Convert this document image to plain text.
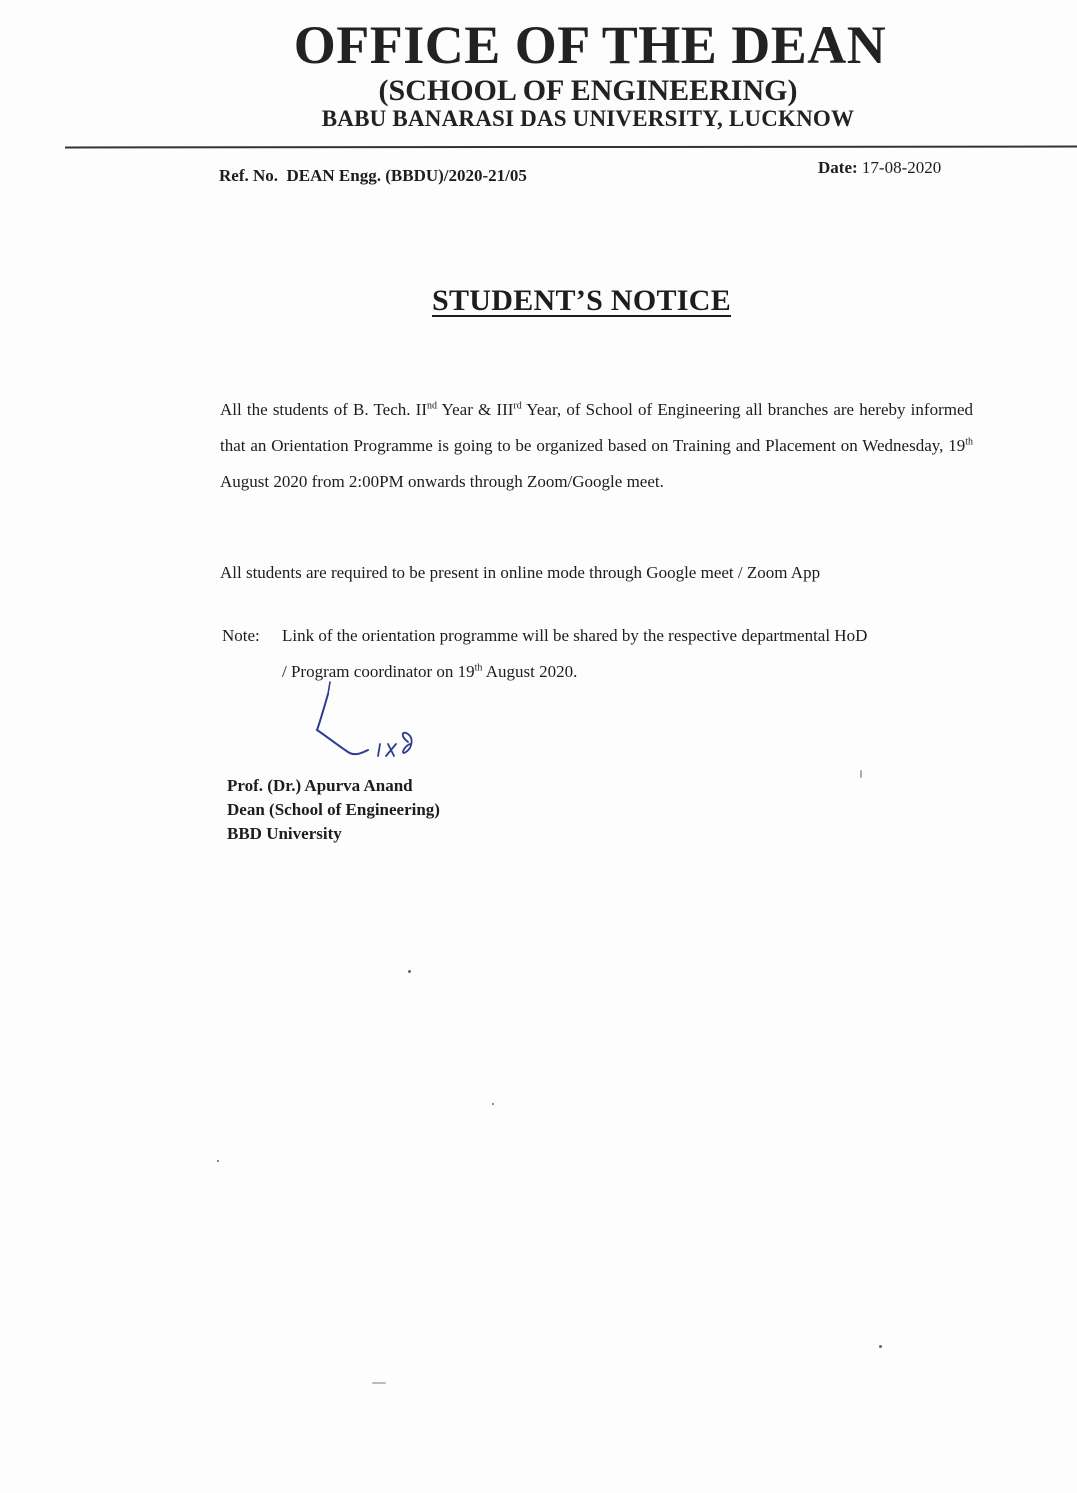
OFFICE OF THE DEAN
(SCHOOL OF ENGINEERING)
BABU BANARASI DAS UNIVERSITY, LUCKNOW
Ref. No. DEAN Engg. (BBDU)/2020-21/05	Date: 17-08-2020
STUDENT’S NOTICE
All the students of B. Tech. IInd Year & IIIrd Year, of School of Engineering all branches are hereby informed that an Orientation Programme is going to be organized based on Training and Placement on Wednesday, 19th August 2020 from 2:00PM onwards through Zoom/Google meet.
All students are required to be present in online mode through Google meet / Zoom App
Note: Link of the orientation programme will be shared by the respective departmental HoD
/ Program coordinator on 19th August 2020.
Prof. (Dr.) Apurva Anand
Dean (School of Engineering)
BBD University
